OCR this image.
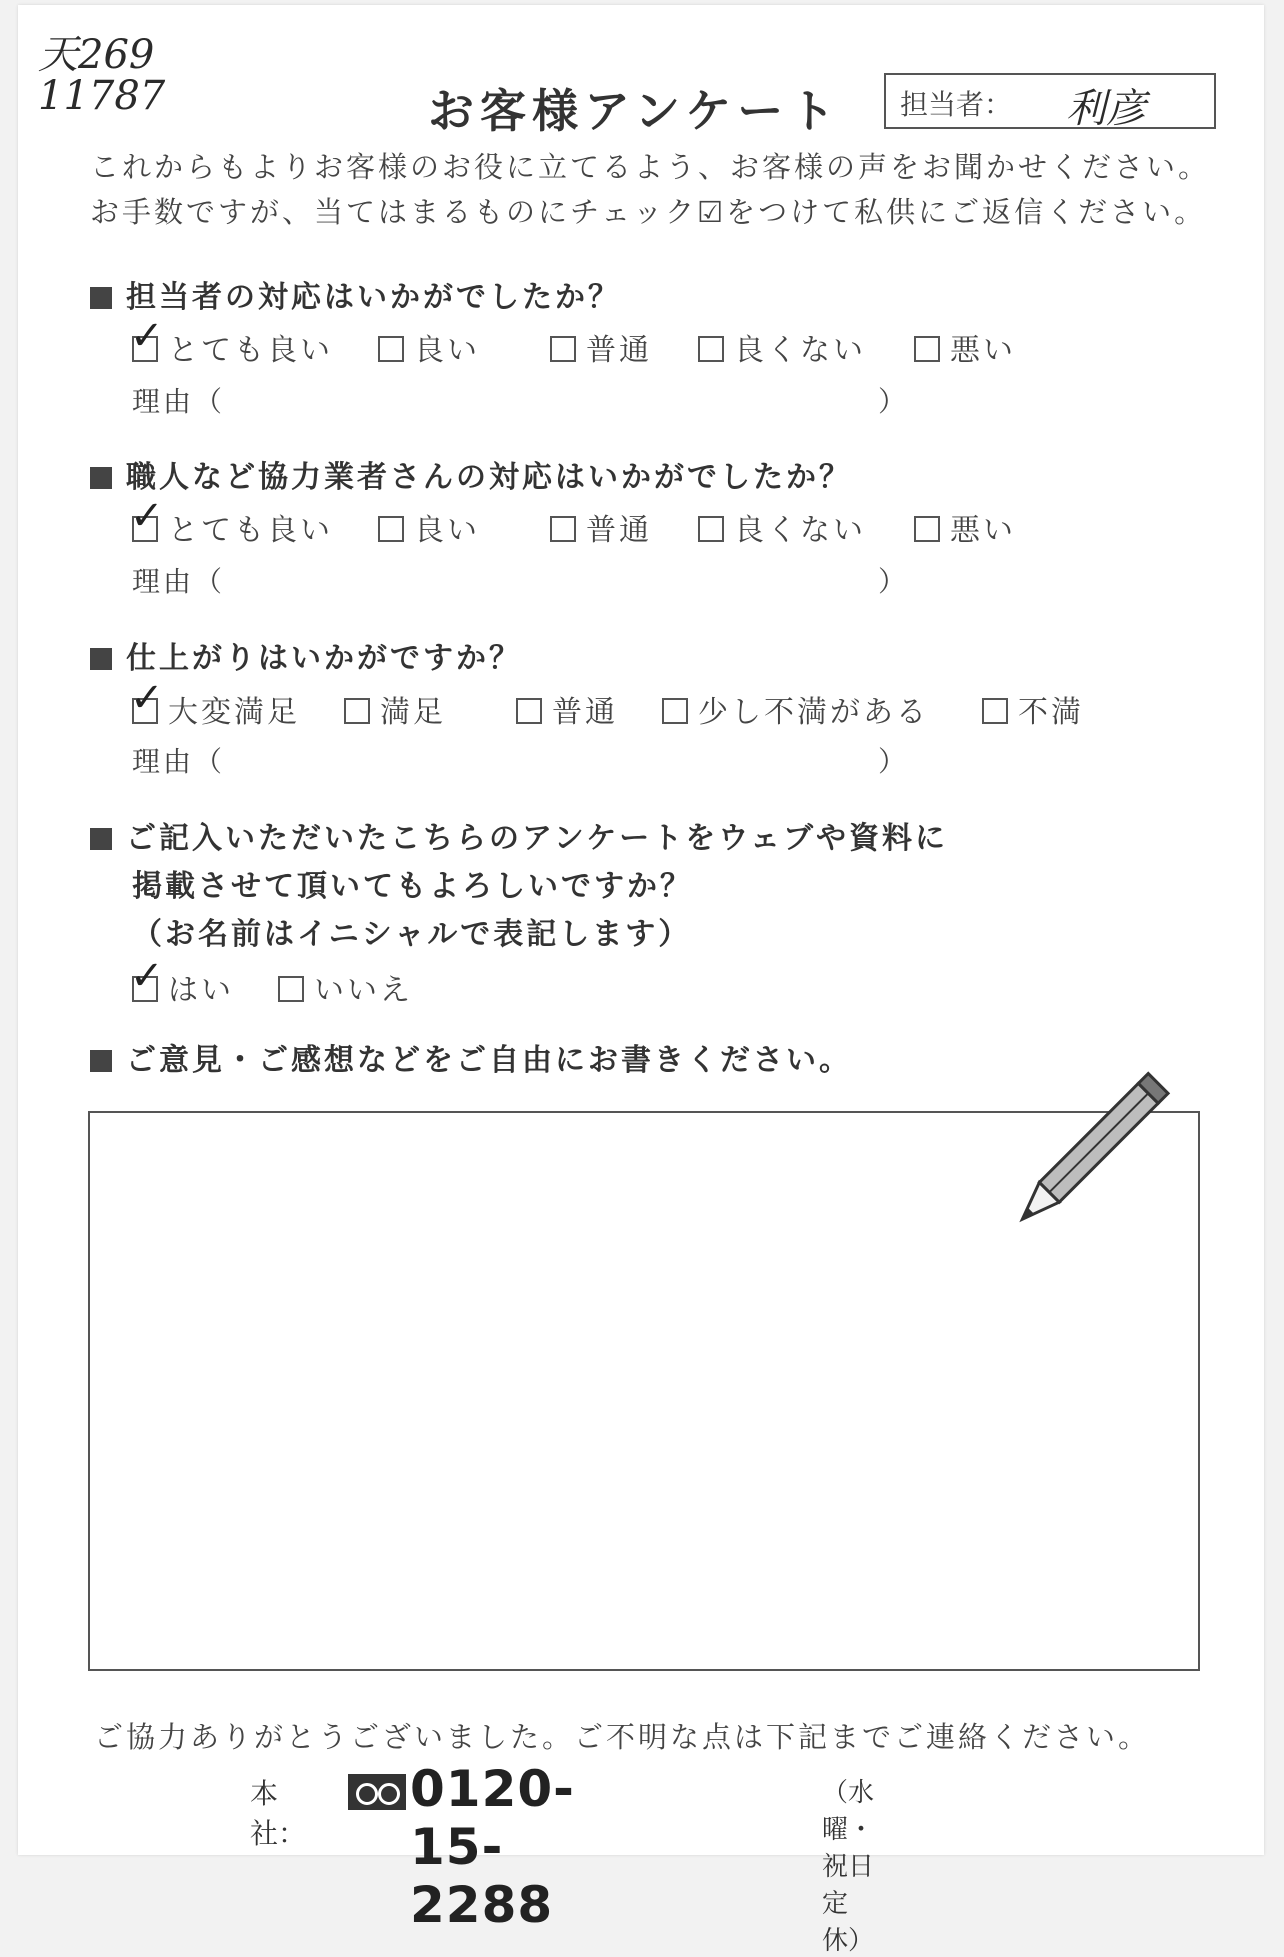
天269
11787	お客様アンケート 担当者： 利彦
これからもよりお客様のお役に立てるよう、お客様の声をお聞かせください。
お手数ですが、当てはまるものにチェック☑をつけて私供にご返信ください。
担当者の対応はいかがでしたか？
✓ とても良い	良い	普通	良くない	悪い
理由（	）
職人など協力業者さんの対応はいかがでしたか？
✓ とても良い	良い	普通	良くない	悪い
理由（	）
仕上がりはいかがですか？
✓ 大変満足	満足	普通	少し不満がある	不満
理由（	）
ご記入いただいたこちらのアンケートをウェブや資料に
掲載させて頂いてもよろしいですか？
（お名前はイニシャルで表記します）
✓ はい	いいえ
ご意見・ご感想などをご自由にお書きください。
ご協力ありがとうございました。ご不明な点は下記までご連絡ください。
本社：
0120-15-2288
（水曜・祝日定休）
